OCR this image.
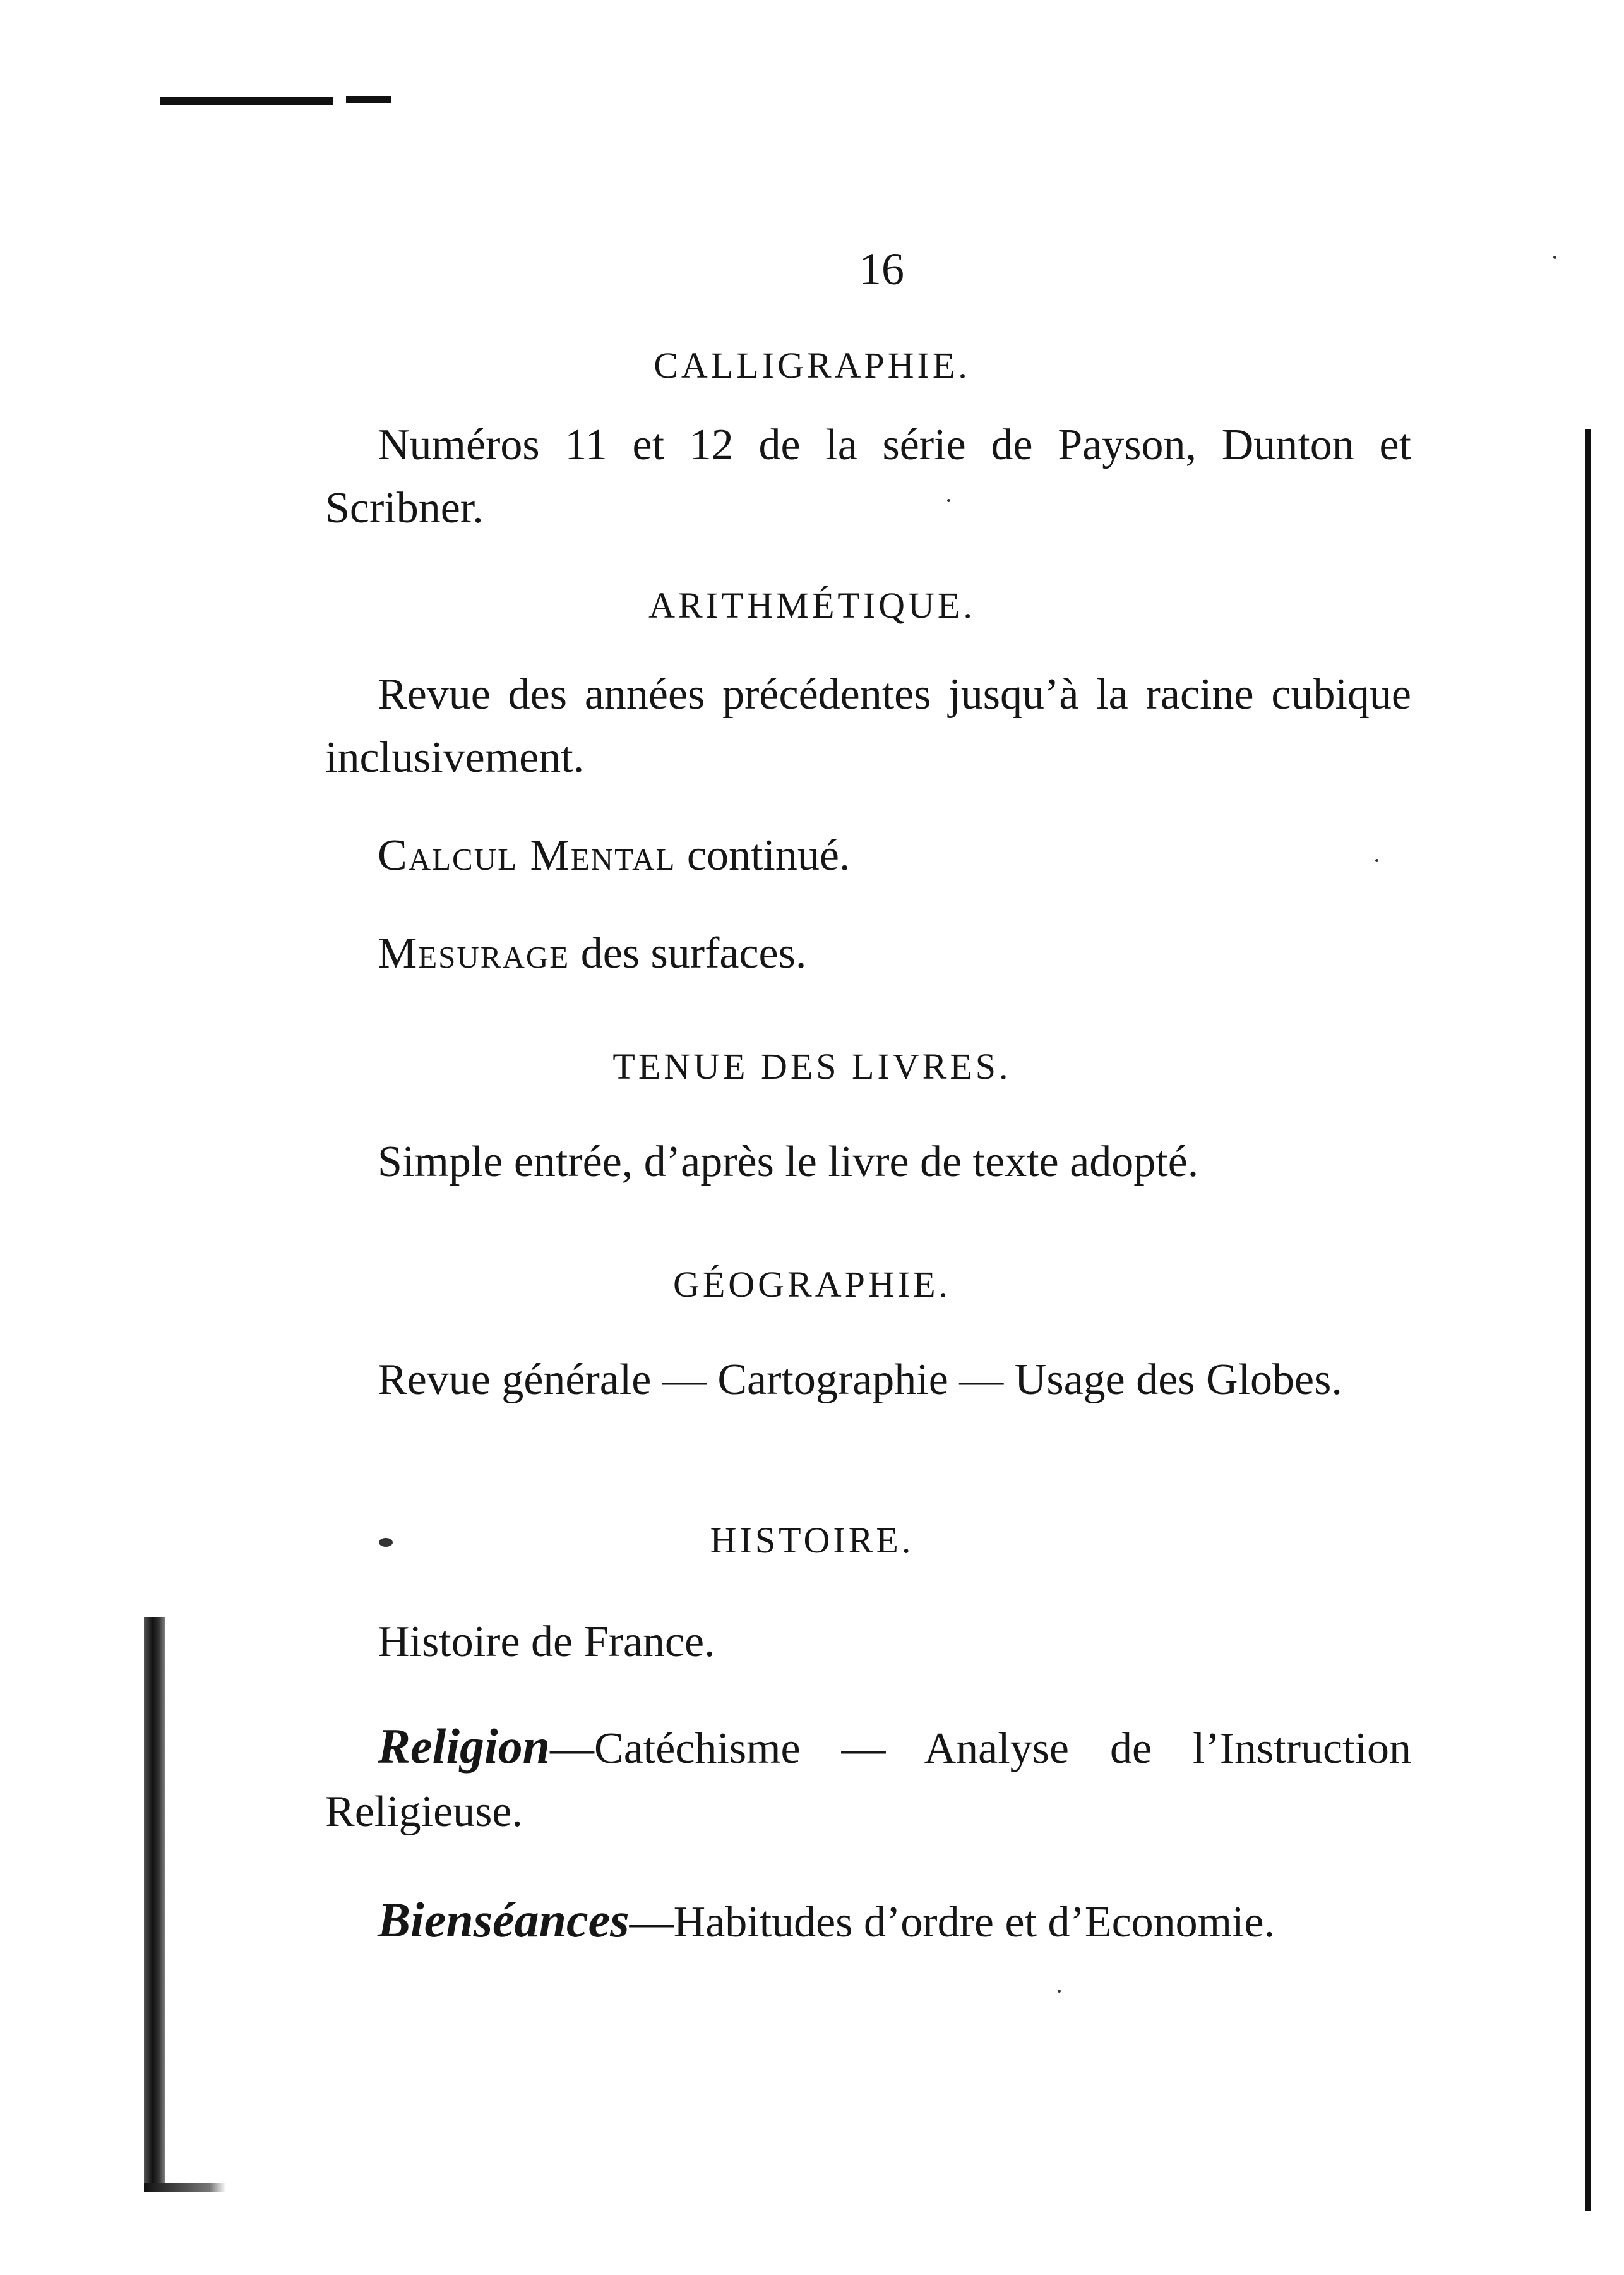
16
CALLIGRAPHIE.

Numéros 11 et 12 de la série de Payson, Dunton et Scribner.

ARITHMÉTIQUE.

Revue des années précédentes jusqu’à la racine cubique inclusivement.

Calcul Mental continué.

Mesurage des surfaces.

TENUE DES LIVRES.

Simple entrée, d’après le livre de texte adopté.

GÉOGRAPHIE.

Revue générale — Cartographie — Usage des Globes.

HISTOIRE.

Histoire de France.

Religion—Catéchisme — Analyse de l’Instruction Religieuse.

Bienséances—Habitudes d’ordre et d’Economie.
